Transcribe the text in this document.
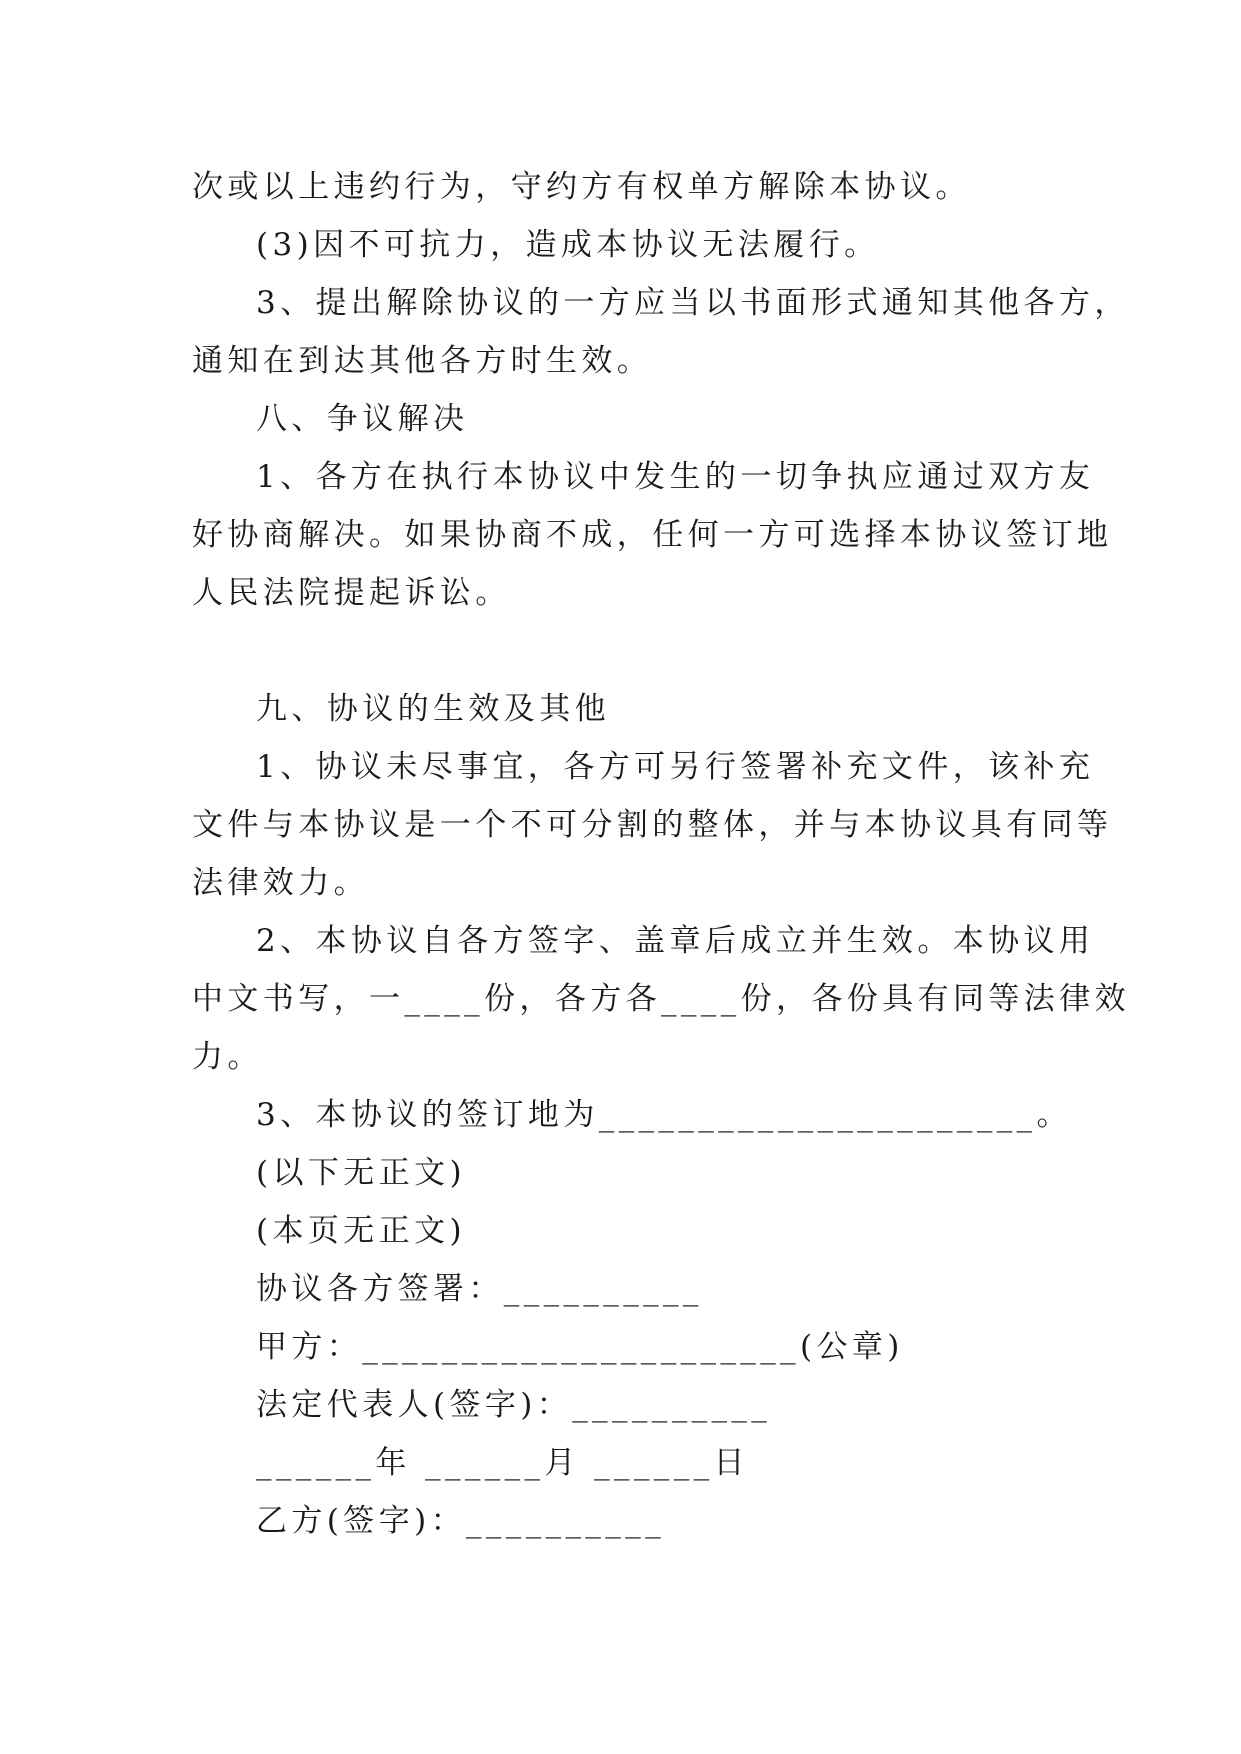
次或以上违约行为，守约方有权单方解除本协议。
(3)因不可抗力，造成本协议无法履行。
3、提出解除协议的一方应当以书面形式通知其他各方，
通知在到达其他各方时生效。
八、争议解决
1、各方在执行本协议中发生的一切争执应通过双方友
好协商解决。如果协商不成，任何一方可选择本协议签订地
人民法院提起诉讼。
九、协议的生效及其他
1、协议未尽事宜，各方可另行签署补充文件，该补充
文件与本协议是一个不可分割的整体，并与本协议具有同等
法律效力。
2、本协议自各方签字、盖章后成立并生效。本协议用
中文书写，一____份，各方各____份，各份具有同等法律效
力。
3、本协议的签订地为______________________。
(以下无正文)
(本页无正文)
协议各方签署：__________
甲方：______________________(公章)
法定代表人(签字)：__________
______年 ______月 ______日
乙方(签字)：__________
